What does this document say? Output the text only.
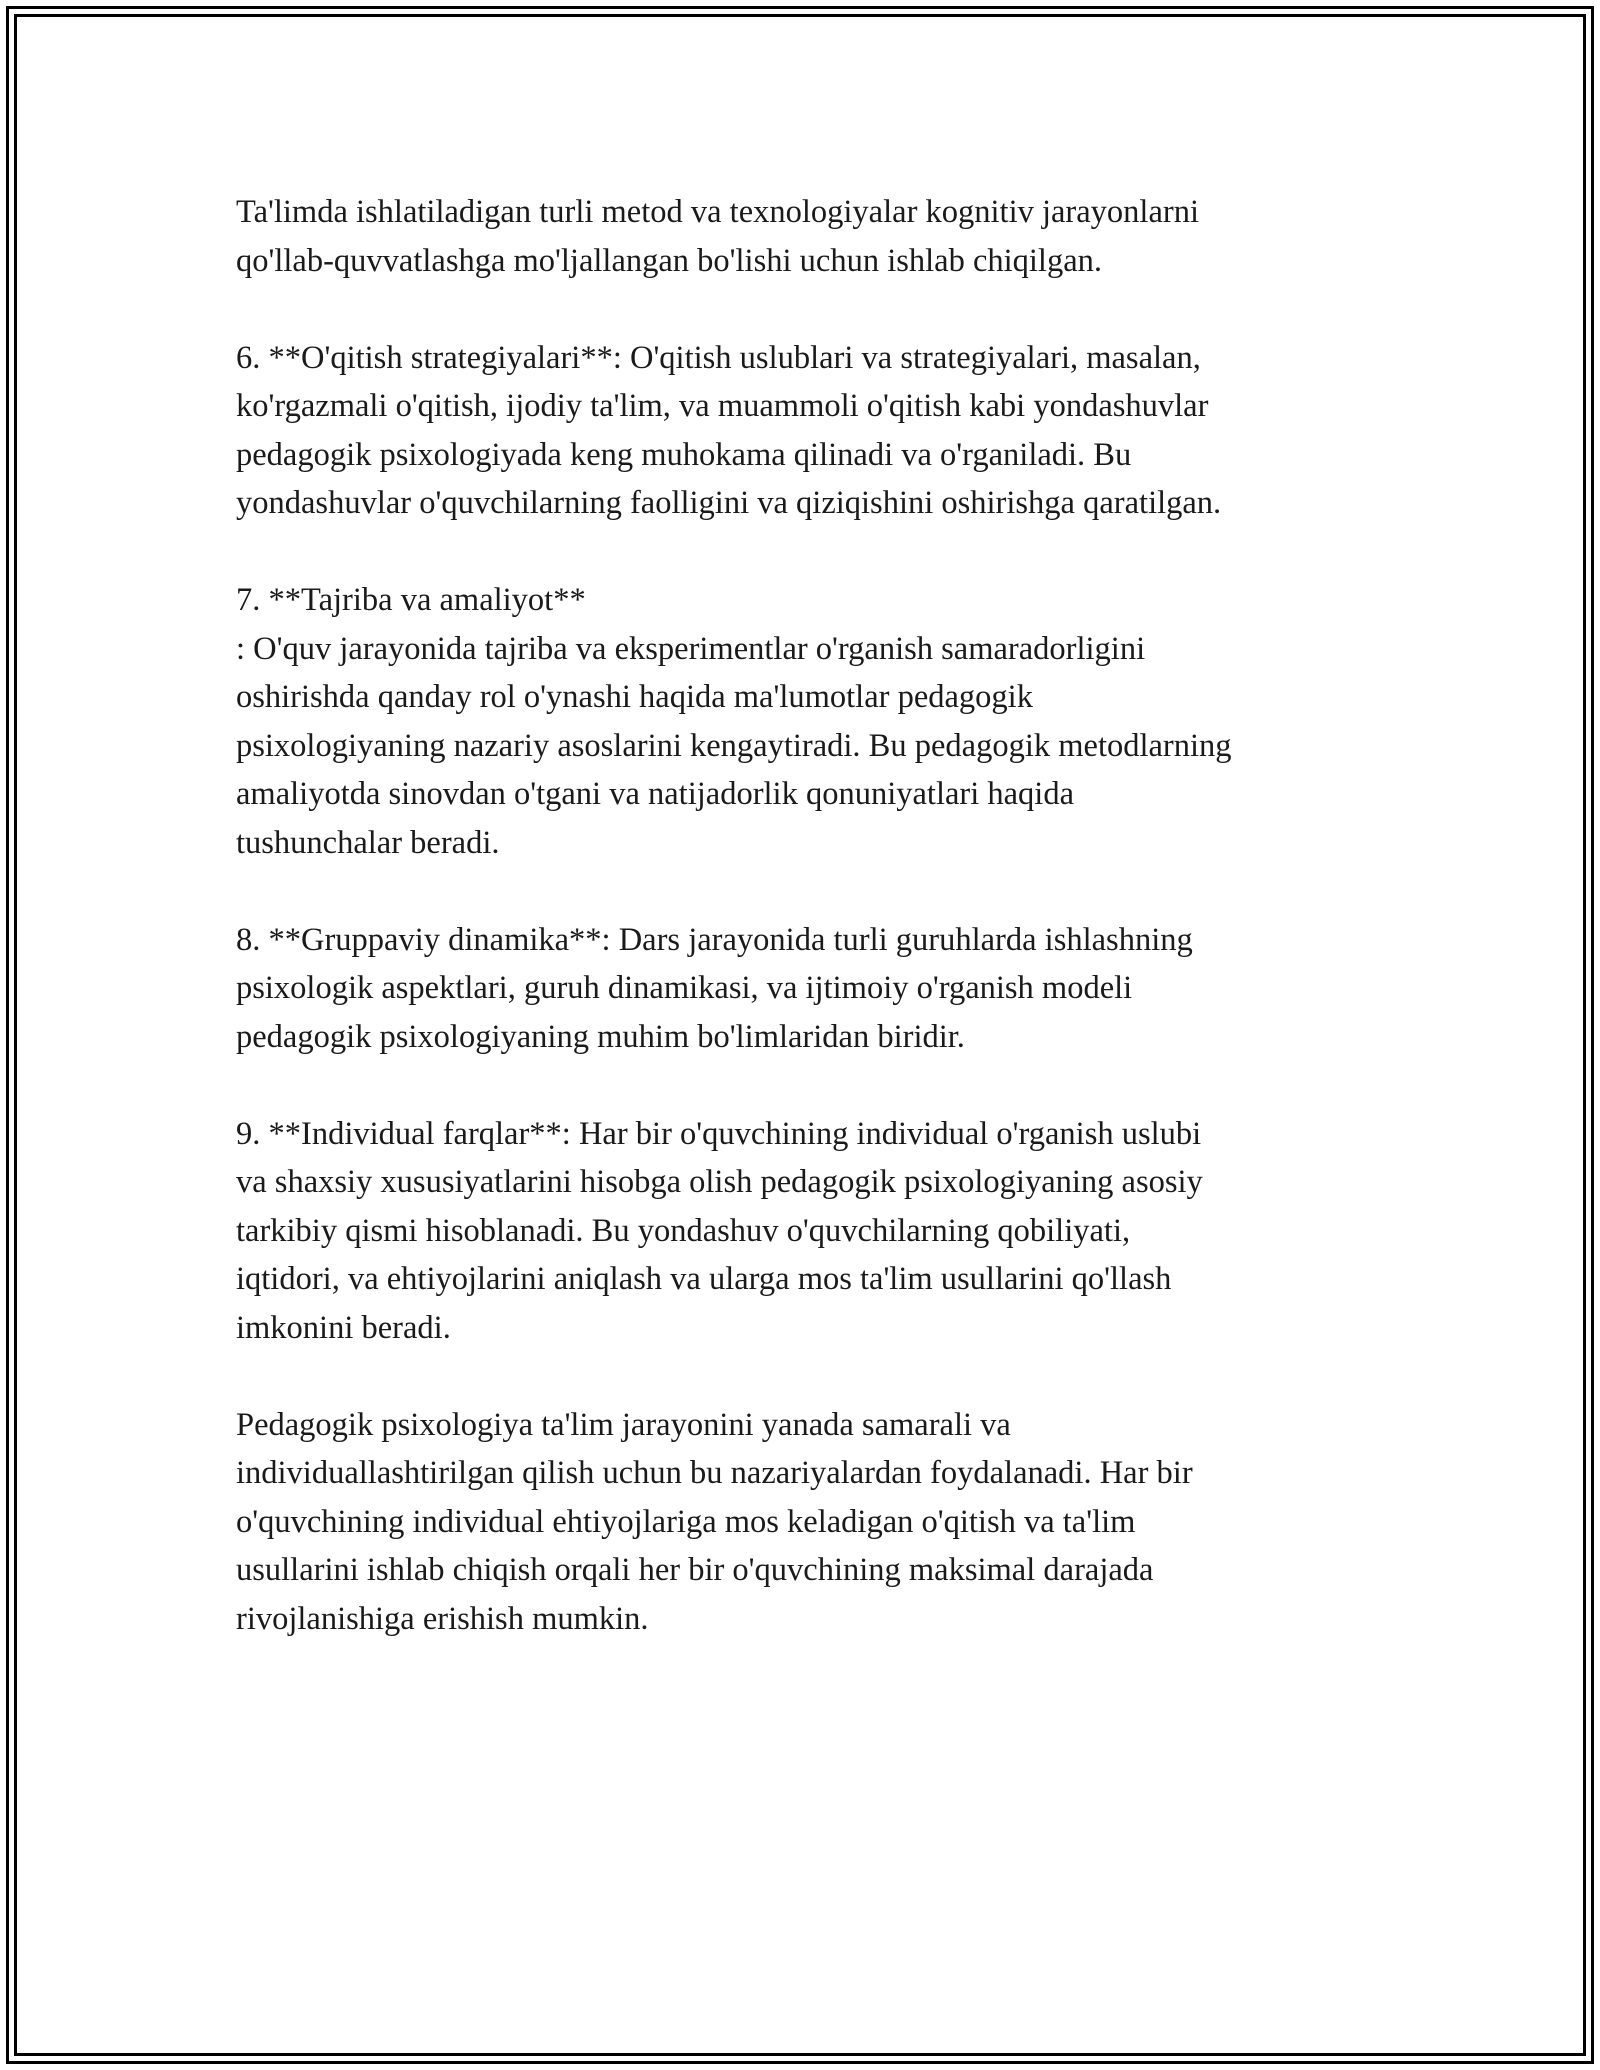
Ta'limda ishlatiladigan turli metod va texnologiyalar kognitiv jarayonlarni
qo'llab-quvvatlashga mo'ljallangan bo'lishi uchun ishlab chiqilgan.

6. **O'qitish strategiyalari**: O'qitish uslublari va strategiyalari, masalan,
ko'rgazmali o'qitish, ijodiy ta'lim, va muammoli o'qitish kabi yondashuvlar
pedagogik psixologiyada keng muhokama qilinadi va o'rganiladi. Bu
yondashuvlar o'quvchilarning faolligini va qiziqishini oshirishga qaratilgan.

7. **Tajriba va amaliyot**
: O'quv jarayonida tajriba va eksperimentlar o'rganish samaradorligini
oshirishda qanday rol o'ynashi haqida ma'lumotlar pedagogik
psixologiyaning nazariy asoslarini kengaytiradi. Bu pedagogik metodlarning
amaliyotda sinovdan o'tgani va natijadorlik qonuniyatlari haqida
tushunchalar beradi.

8. **Gruppaviy dinamika**: Dars jarayonida turli guruhlarda ishlashning
psixologik aspektlari, guruh dinamikasi, va ijtimoiy o'rganish modeli
pedagogik psixologiyaning muhim bo'limlaridan biridir.

9. **Individual farqlar**: Har bir o'quvchining individual o'rganish uslubi
va shaxsiy xususiyatlarini hisobga olish pedagogik psixologiyaning asosiy
tarkibiy qismi hisoblanadi. Bu yondashuv o'quvchilarning qobiliyati,
iqtidori, va ehtiyojlarini aniqlash va ularga mos ta'lim usullarini qo'llash
imkonini beradi.

Pedagogik psixologiya ta'lim jarayonini yanada samarali va
individuallashtirilgan qilish uchun bu nazariyalardan foydalanadi. Har bir
o'quvchining individual ehtiyojlariga mos keladigan o'qitish va ta'lim
usullarini ishlab chiqish orqali her bir o'quvchining maksimal darajada
rivojlanishiga erishish mumkin.
